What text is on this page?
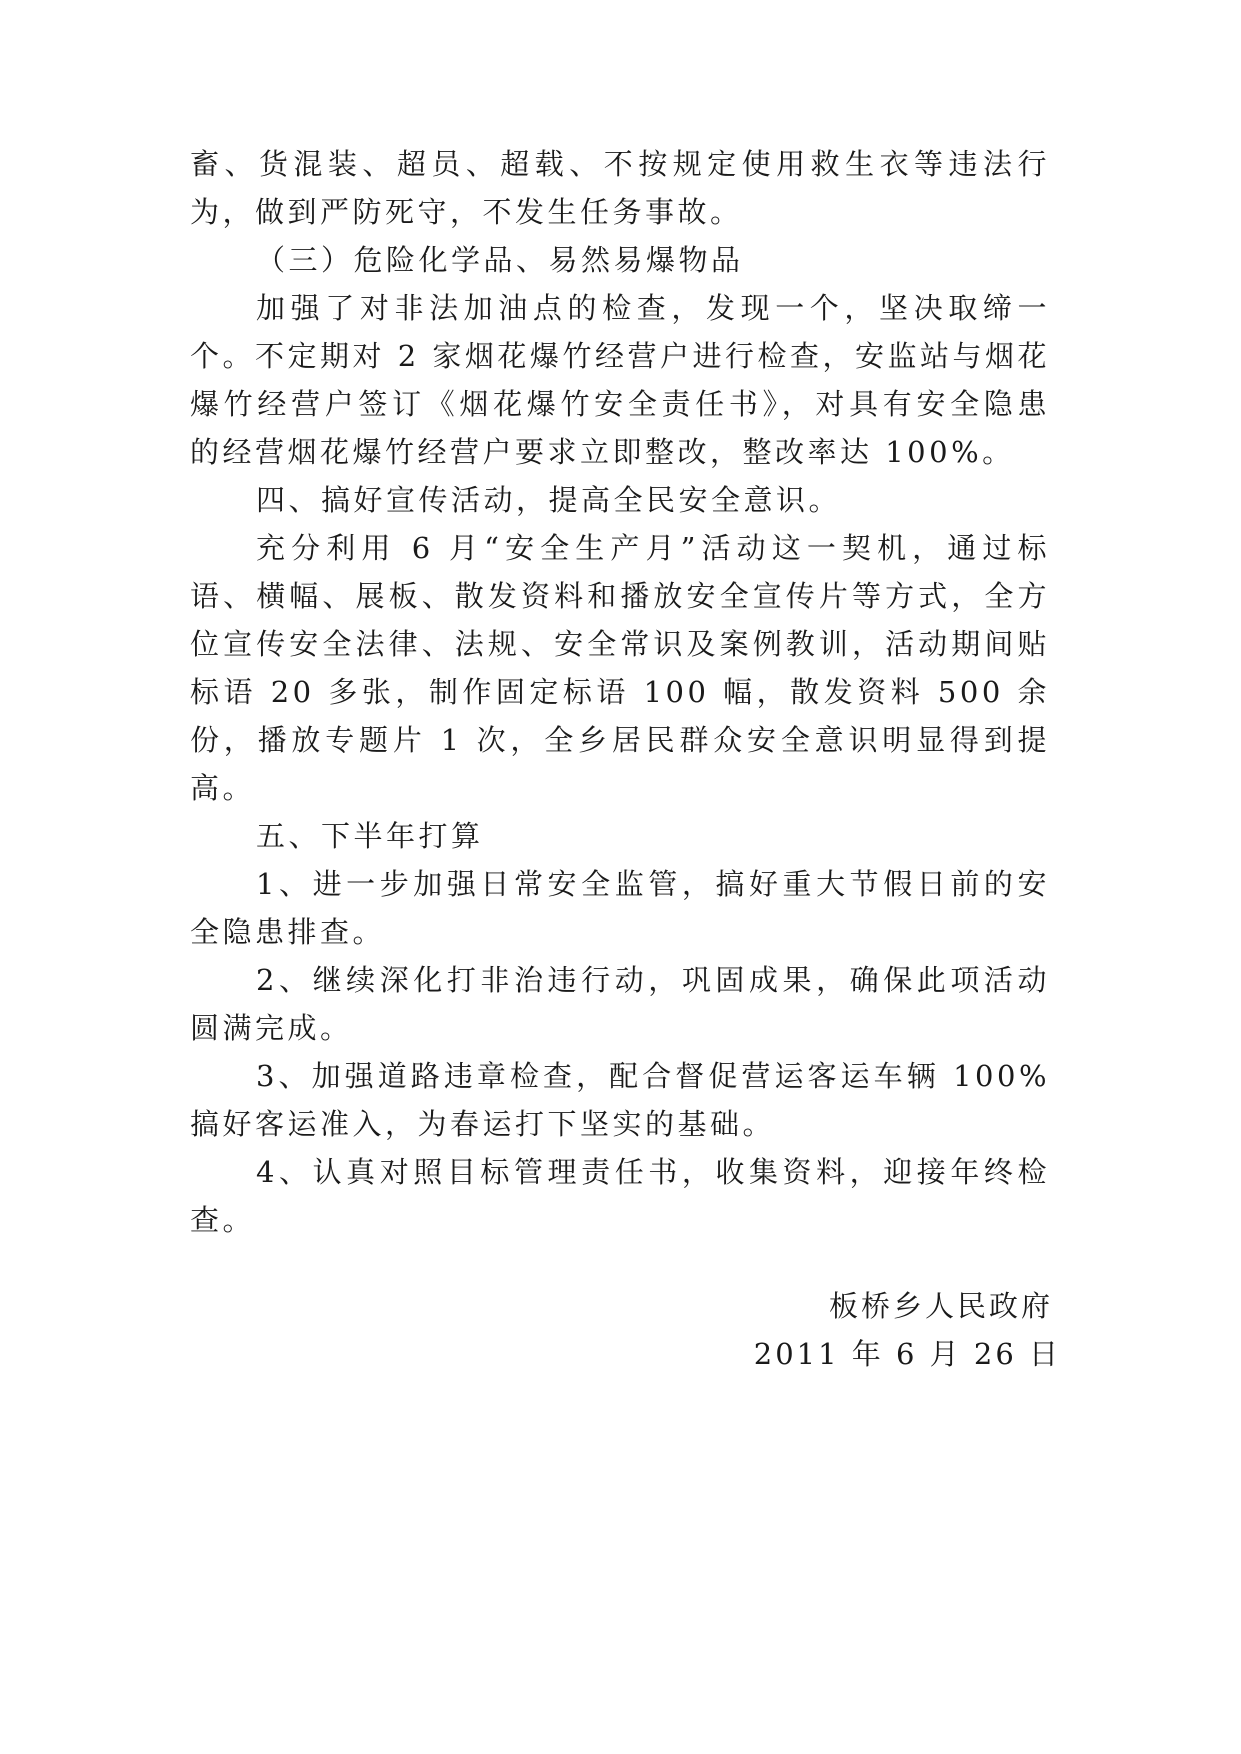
畜、货混装、超员、超载、不按规定使用救生衣等违法行为，做到严防死守，不发生任务事故。

（三）危险化学品、易然易爆物品

加强了对非法加油点的检查，发现一个，坚决取缔一个。不定期对 2 家烟花爆竹经营户进行检查，安监站与烟花爆竹经营户签订《烟花爆竹安全责任书》，对具有安全隐患的经营烟花爆竹经营户要求立即整改，整改率达 100%。

四、搞好宣传活动，提高全民安全意识。

充分利用 6 月“安全生产月”活动这一契机，通过标语、横幅、展板、散发资料和播放安全宣传片等方式，全方位宣传安全法律、法规、安全常识及案例教训，活动期间贴标语 20 多张，制作固定标语 100 幅，散发资料 500 余份，播放专题片 1 次，全乡居民群众安全意识明显得到提高。

五、下半年打算

1、进一步加强日常安全监管，搞好重大节假日前的安全隐患排查。

2、继续深化打非治违行动，巩固成果，确保此项活动圆满完成。

3、加强道路违章检查，配合督促营运客运车辆 100%搞好客运准入，为春运打下坚实的基础。

4、认真对照目标管理责任书，收集资料，迎接年终检查。

板桥乡人民政府
2011 年 6 月 26 日
